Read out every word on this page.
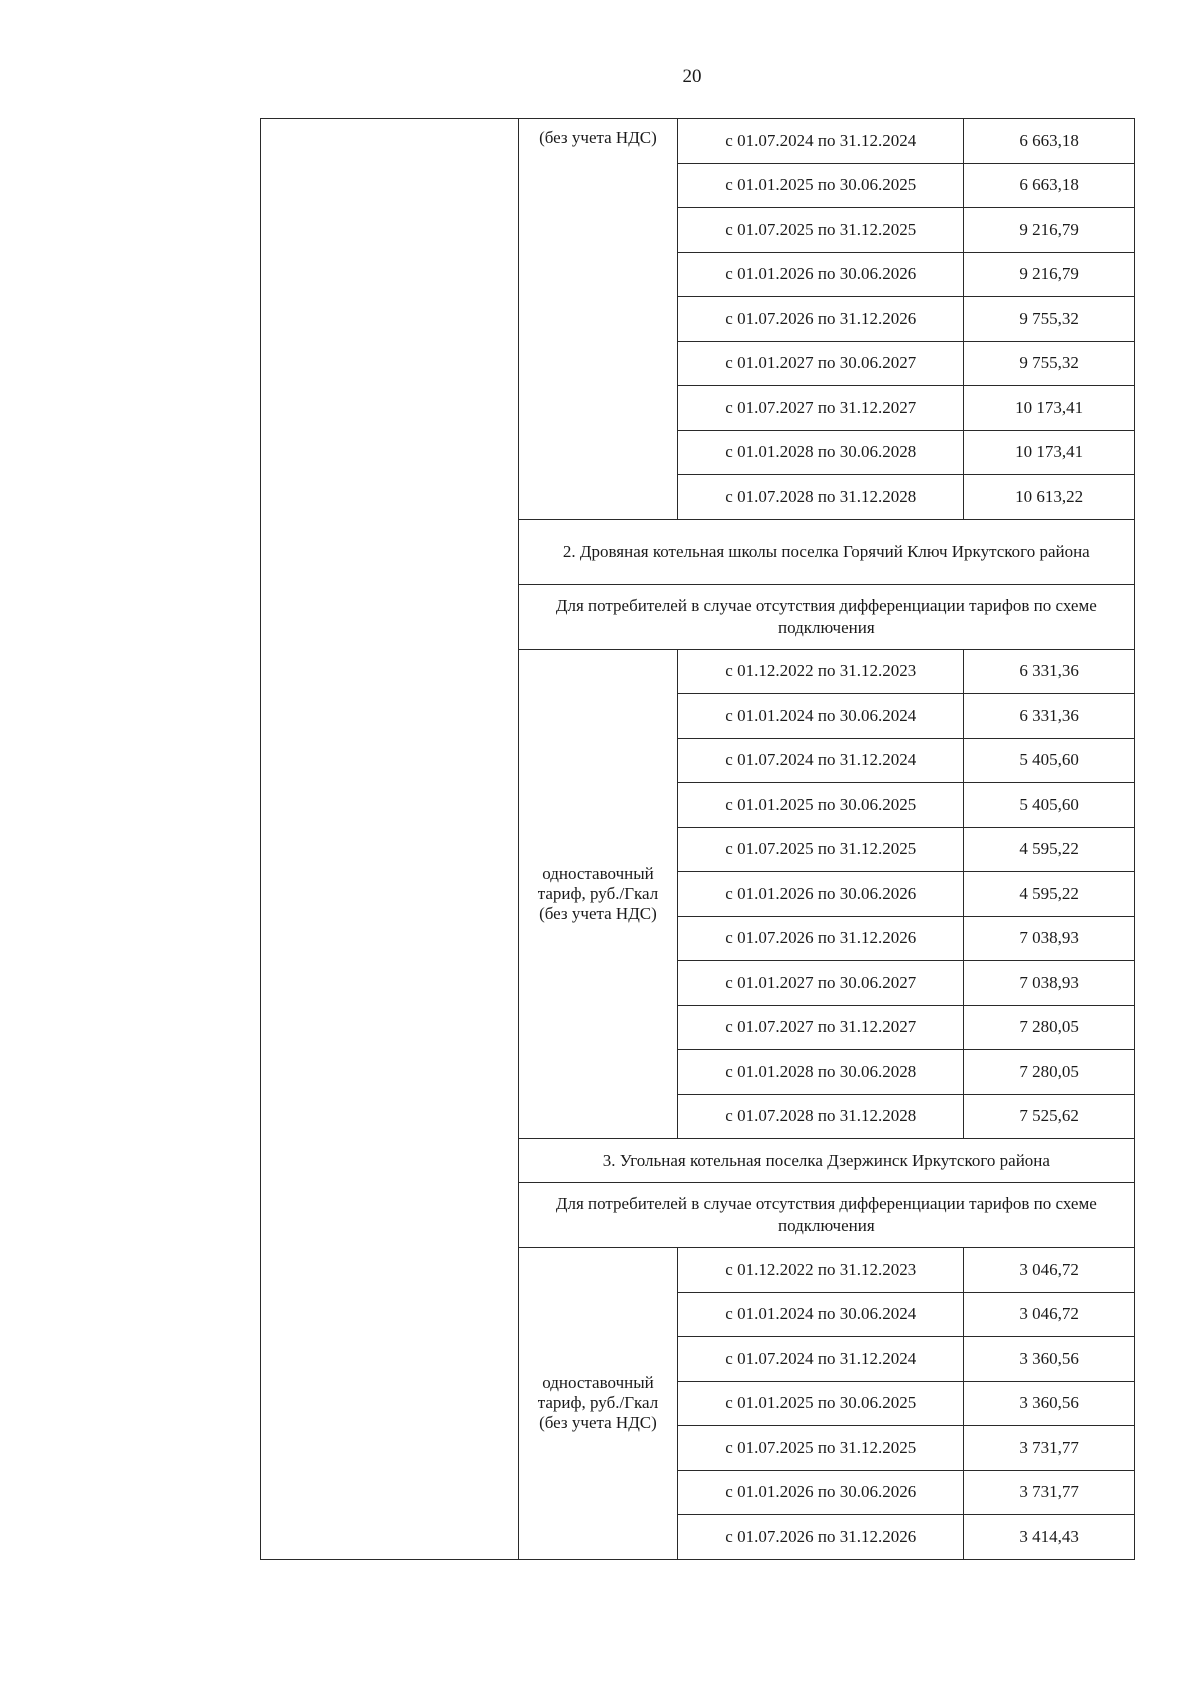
20
	(без учета НДС)	с 01.07.2024 по 31.12.2024	6 663,18
		с 01.01.2025 по 30.06.2025	6 663,18
		с 01.07.2025 по 31.12.2025	9 216,79
		с 01.01.2026 по 30.06.2026	9 216,79
		с 01.07.2026 по 31.12.2026	9 755,32
		с 01.01.2027 по 30.06.2027	9 755,32
		с 01.07.2027 по 31.12.2027	10 173,41
		с 01.01.2028 по 30.06.2028	10 173,41
		с 01.07.2028 по 31.12.2028	10 613,22
	2. Дровяная котельная школы поселка Горячий Ключ Иркутского района		
	Для потребителей в случае отсутствия дифференциации тарифов по схеме подключения		
	одноставочный тариф, руб./Гкал (без учета НДС)	с 01.12.2022 по 31.12.2023	6 331,36
		с 01.01.2024 по 30.06.2024	6 331,36
		с 01.07.2024 по 31.12.2024	5 405,60
		с 01.01.2025 по 30.06.2025	5 405,60
		с 01.07.2025 по 31.12.2025	4 595,22
		с 01.01.2026 по 30.06.2026	4 595,22
		с 01.07.2026 по 31.12.2026	7 038,93
		с 01.01.2027 по 30.06.2027	7 038,93
		с 01.07.2027 по 31.12.2027	7 280,05
		с 01.01.2028 по 30.06.2028	7 280,05
		с 01.07.2028 по 31.12.2028	7 525,62
	3. Угольная котельная поселка Дзержинск Иркутского района		
	Для потребителей в случае отсутствия дифференциации тарифов по схеме подключения		
	одноставочный тариф, руб./Гкал (без учета НДС)	с 01.12.2022 по 31.12.2023	3 046,72
		с 01.01.2024 по 30.06.2024	3 046,72
		с 01.07.2024 по 31.12.2024	3 360,56
		с 01.01.2025 по 30.06.2025	3 360,56
		с 01.07.2025 по 31.12.2025	3 731,77
		с 01.01.2026 по 30.06.2026	3 731,77
		с 01.07.2026 по 31.12.2026	3 414,43
